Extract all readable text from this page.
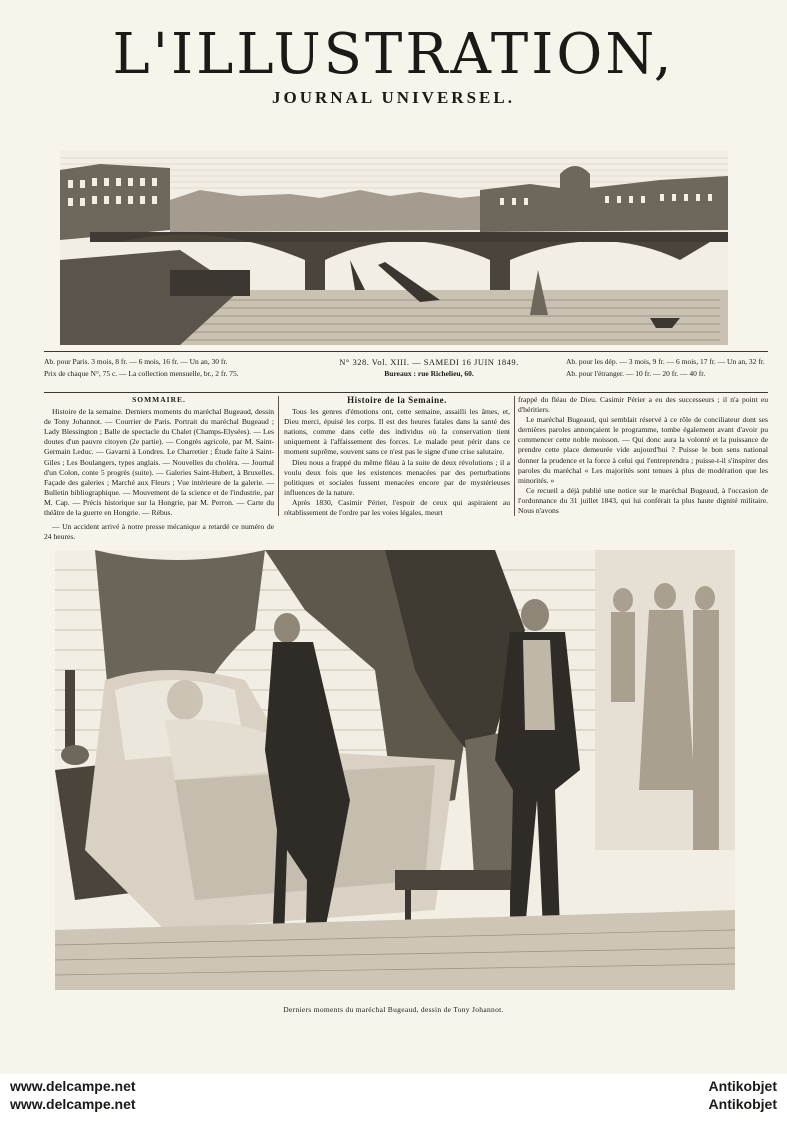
L'ILLUSTRATION,
JOURNAL UNIVERSEL.
Ab. pour Paris. 3 mois, 8 fr. — 6 mois, 16 fr. — Un an, 30 fr.
Prix de chaque N°, 75 c. — La collection mensuelle, br., 2 fr. 75.
N° 328. Vol. XIII. — SAMEDI 16 JUIN 1849.
Bureaux : rue Richelieu, 60.
Ab. pour les dép. — 3 mois, 9 fr. — 6 mois, 17 fr. — Un an, 32 fr.
Ab. pour l'étranger. — 10 fr. — 20 fr. — 40 fr.
SOMMAIRE.

Histoire de la semaine. Derniers moments du maréchal Bugeaud, dessin de Tony Johannot. — Courrier de Paris. Portrait du maréchal Bugeaud ; Lady Blessington ; Balle de spectacle du Chalet (Champs-Elysées). — Les doutes d'un pauvre citoyen (2e partie). — Congrès agricole, par M. Saint-Germain Leduc. — Gavarni à Londres. Le Charretier ; Étude faite à Saint-Giles ; Les Boulangers, types anglais. — Nouvelles du choléra. — Journal d'un Colon, conte 5 progrès (suite). — Galeries Saint-Hubert, à Bruxelles. Façade des galeries ; Marché aux Fleurs ; Vue intérieure de la galerie. — Bulletin bibliographique. — Mouvement de la science et de l'industrie, par M. Cap. — Précis historique sur la Hongrie, par M. Perron. — Carte du théâtre de la guerre en Hongrie. — Rébus.

— Un accident arrivé à notre presse mécanique a retardé ce numéro de 24 heures.

Histoire de la Semaine.

Tous les genres d'émotions ont, cette semaine, assailli les âmes, et, Dieu merci, épuisé les corps. Il est des heures fatales dans la santé des nations, comme dans celle des individus où la conservation tient uniquement à l'affaissement des forces. Le malade peut périr dans ce moment suprême, souvent sans ce n'est pas le signe d'une crise salutaire.

Dieu nous a frappé du même fléau à la suite de deux révolutions ; il a voulu deux fois que les existences menacées par des perturbations politiques et sociales fussent menacées encore par de mystérieuses influences de la nature.

Après 1830, Casimir Périer, l'espoir de ceux qui aspiraient au rétablissement de l'ordre par les voies légales, meurt

frappé du fléau de Dieu. Casimir Périer a eu des successeurs ; il n'a point eu d'héritiers.

Le maréchal Bugeaud, qui semblait réservé à ce rôle de conciliateur dont ses dernières paroles annonçaient le programme, tombe également avant d'avoir pu commencer cette noble moisson. — Qui donc aura la volonté et la puissance de prendre cette place demeurée vide aujourd'hui ? Puisse le bon sens national donner la prudence et la force à celui qui l'entreprendra ; puisse-t-il s'inspirer des paroles du maréchal « Les majorités sont tenues à plus de modération que les minorités. »

Ce recueil a déjà publié une notice sur le maréchal Bugeaud, à l'occasion de l'ordonnance du 31 juillet 1843, qui lui conférait la plus haute dignité militaire. Nous n'avons

Derniers moments du maréchal Bugeaud, dessin de Tony Johannot.
www.delcampe.net
www.delcampe.net
Antikobjet
Antikobjet
